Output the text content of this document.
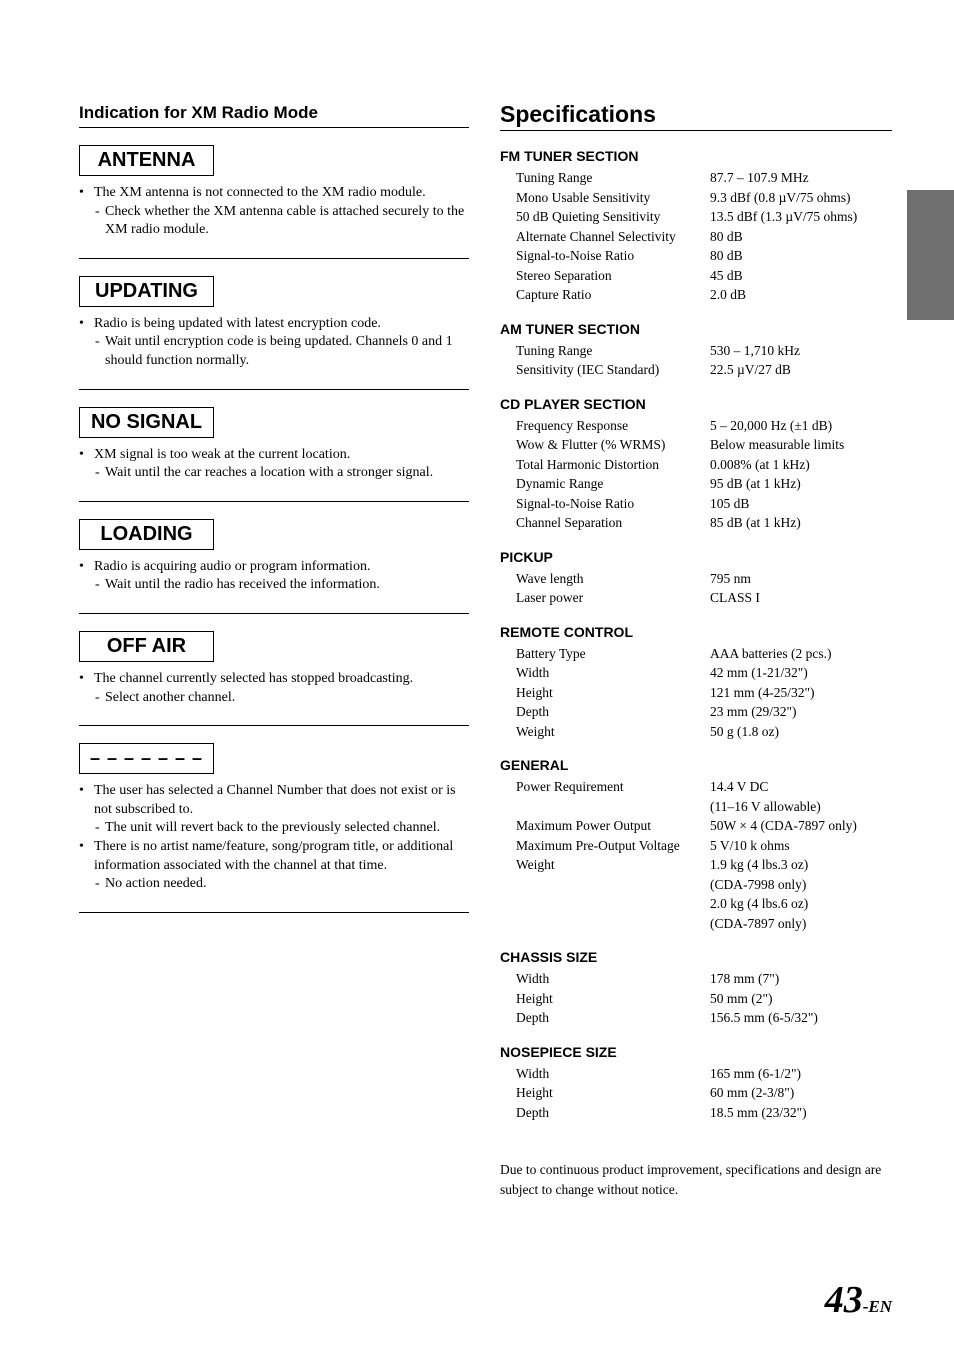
Indication for XM Radio Mode
ANTENNA
• The XM antenna is not connected to the XM radio module.
- Check whether the XM antenna cable is attached securely to the XM radio module.
UPDATING
• Radio is being updated with latest encryption code.
- Wait until encryption code is being updated. Channels 0 and 1 should function normally.
NO SIGNAL
• XM signal is too weak at the current location.
- Wait until the car reaches a location with a stronger signal.
LOADING
• Radio is acquiring audio or program information.
- Wait until the radio has received the information.
OFF AIR
• The channel currently selected has stopped broadcasting.
- Select another channel.
– – – – – – –
• The user has selected a Channel Number that does not exist or is not subscribed to.
- The unit will revert back to the previously selected channel.
• There is no artist name/feature, song/program title, or additional information associated with the channel at that time.
- No action needed.
Specifications
FM TUNER SECTION
Tuning Range	87.7 – 107.9 MHz
Mono Usable Sensitivity	9.3 dBf (0.8 µV/75 ohms)
50 dB Quieting Sensitivity	13.5 dBf (1.3 µV/75 ohms)
Alternate Channel Selectivity	80 dB
Signal-to-Noise Ratio	80 dB
Stereo Separation	45 dB
Capture Ratio	2.0 dB
AM TUNER SECTION
Tuning Range	530 – 1,710 kHz
Sensitivity (IEC Standard)	22.5 µV/27 dB
CD PLAYER SECTION
Frequency Response	5 – 20,000 Hz (±1 dB)
Wow & Flutter (% WRMS)	Below measurable limits
Total Harmonic Distortion	0.008% (at 1 kHz)
Dynamic Range	95 dB (at 1 kHz)
Signal-to-Noise Ratio	105 dB
Channel Separation	85 dB (at 1 kHz)
PICKUP
Wave length	795 nm
Laser power	CLASS I
REMOTE CONTROL
Battery Type	AAA batteries (2 pcs.)
Width	42 mm (1-21/32")
Height	121 mm (4-25/32")
Depth	23 mm (29/32")
Weight	50 g (1.8 oz)
GENERAL
Power Requirement	14.4 V DC
(11–16 V allowable)
Maximum Power Output	50W × 4 (CDA-7897 only)
Maximum Pre-Output Voltage	5 V/10 k ohms
Weight	1.9 kg (4 lbs.3 oz)
(CDA-7998 only)
2.0 kg (4 lbs.6 oz)
(CDA-7897 only)
CHASSIS SIZE
Width	178 mm (7")
Height	50 mm (2")
Depth	156.5 mm (6-5/32")
NOSEPIECE SIZE
Width	165 mm (6-1/2")
Height	60 mm (2-3/8")
Depth	18.5 mm (23/32")
Due to continuous product improvement, specifications and design are subject to change without notice.
43-EN
